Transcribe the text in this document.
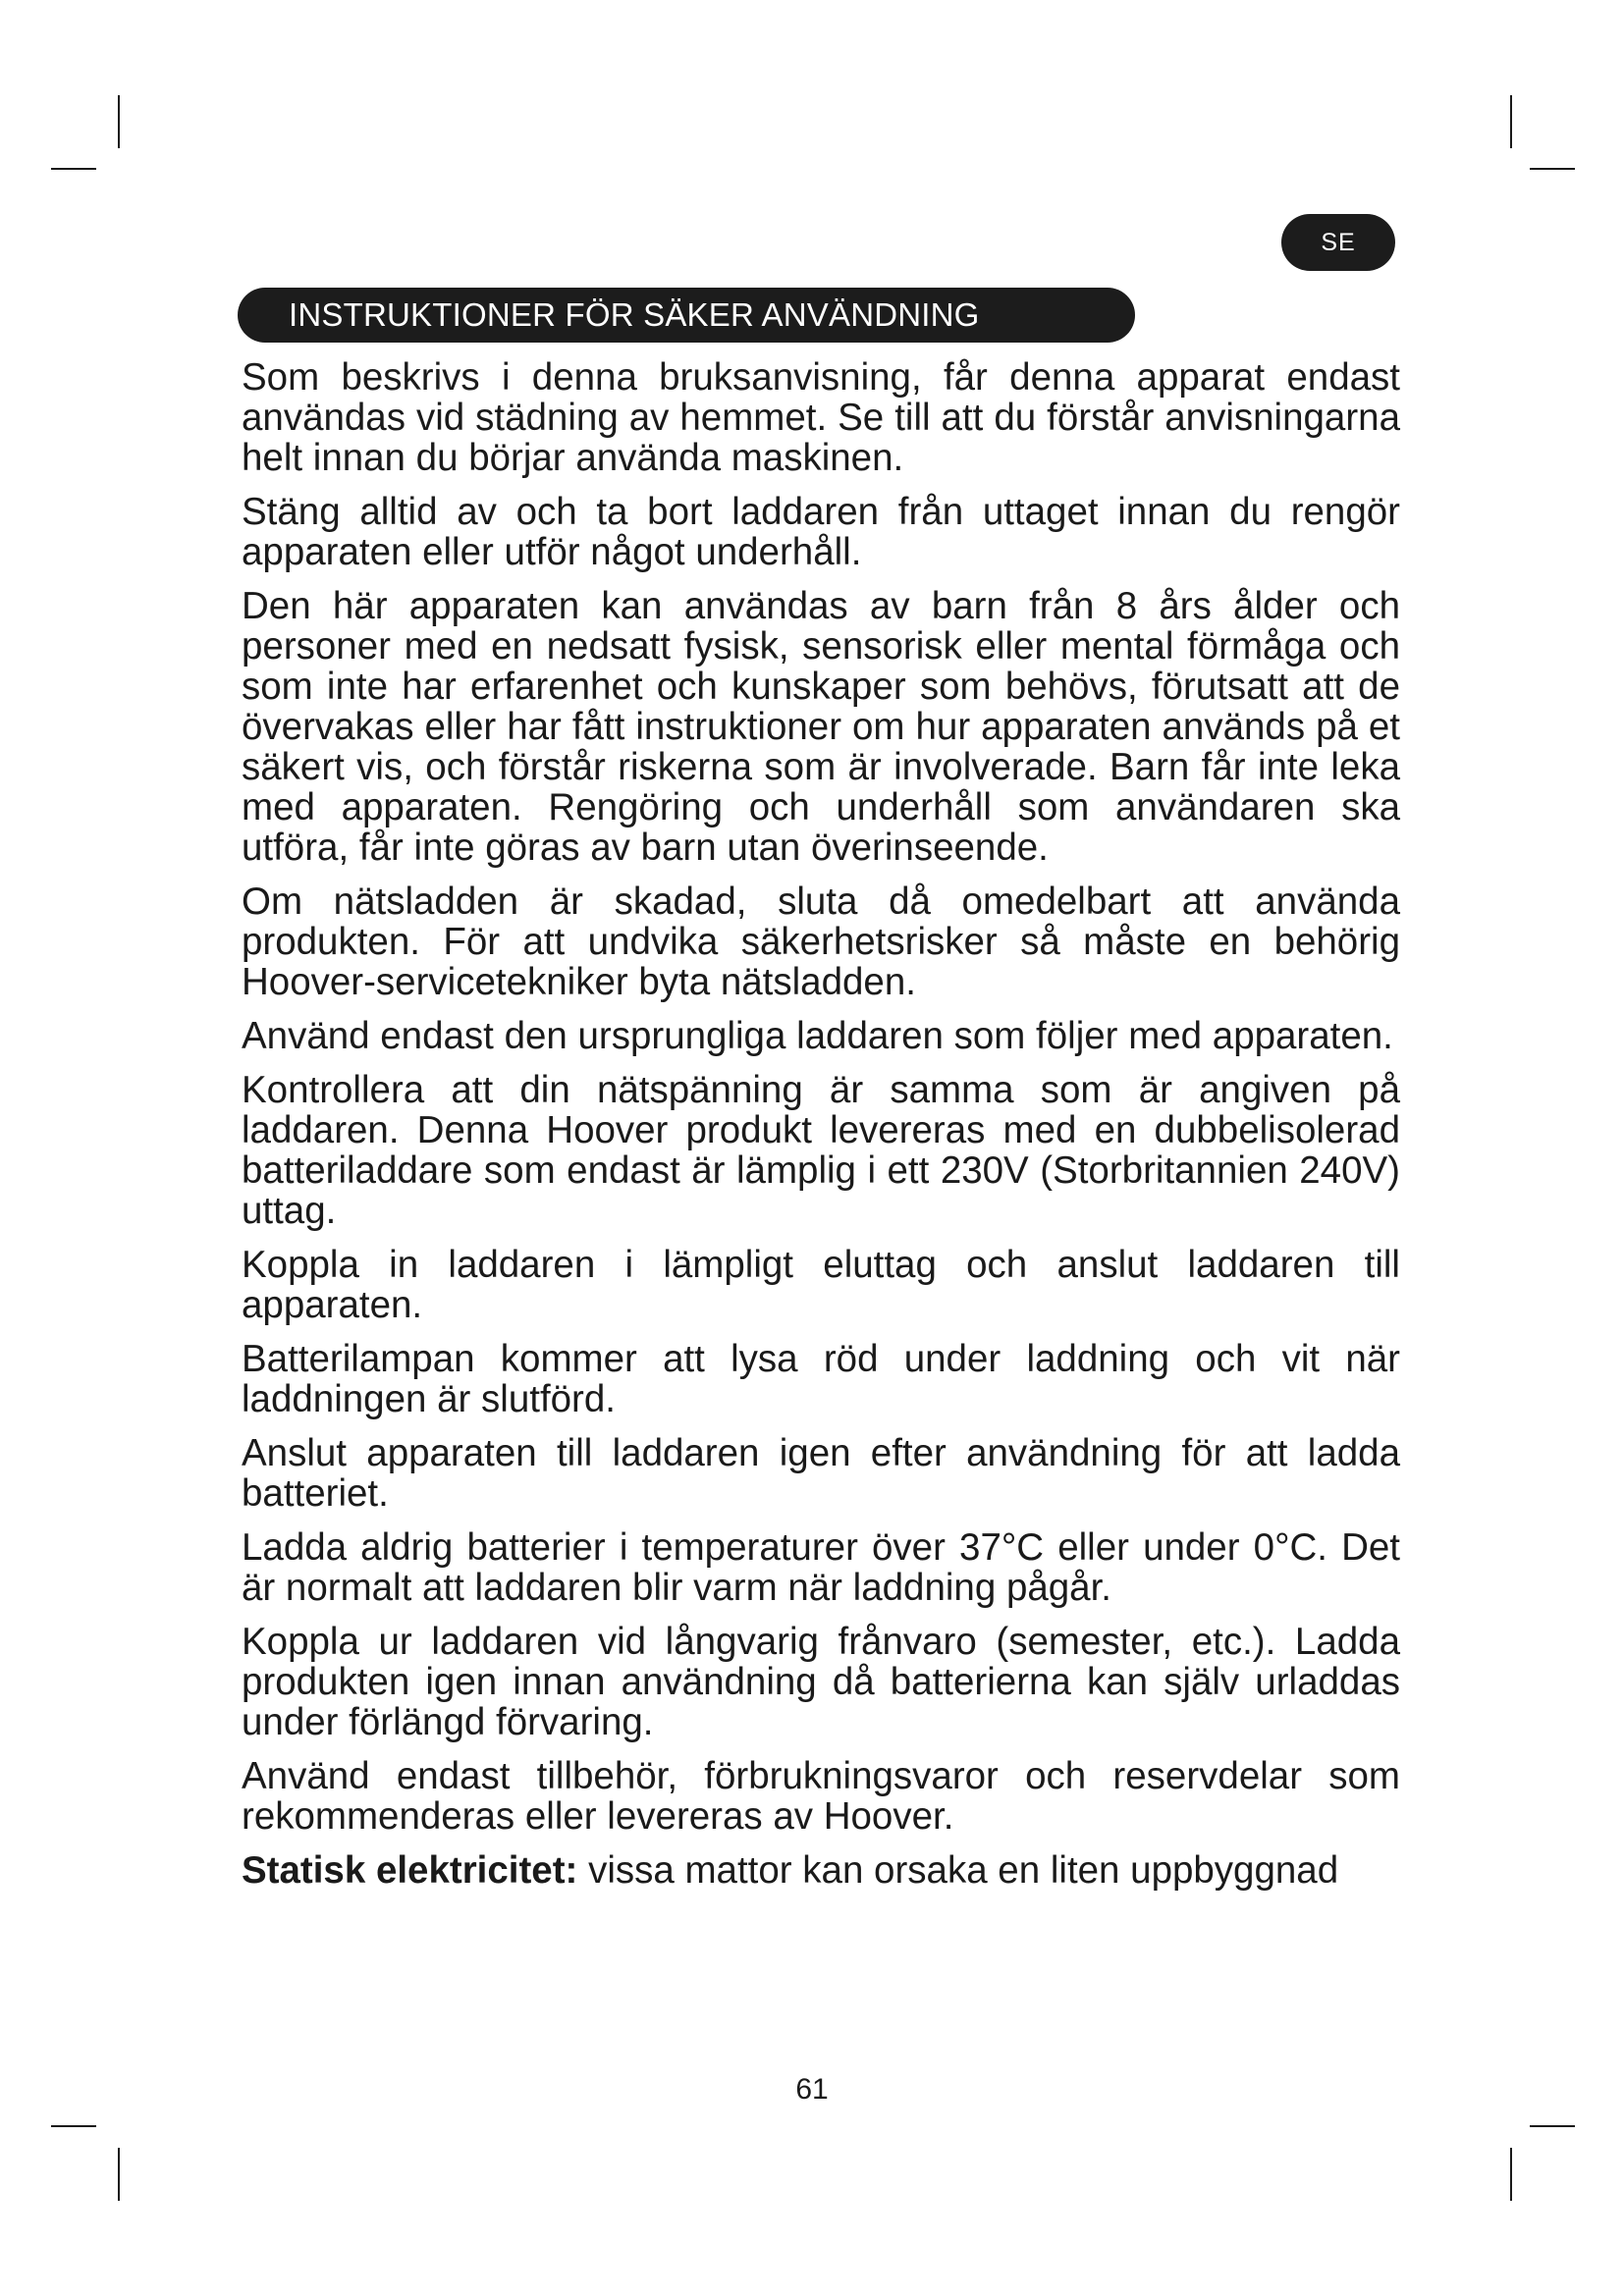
SE
INSTRUKTIONER FÖR SÄKER ANVÄNDNING

Som beskrivs i denna bruksanvisning, får denna apparat endast användas vid städning av hemmet. Se till att du förstår anvisningarna helt innan du börjar använda maskinen.

Stäng alltid av och ta bort laddaren från uttaget innan du rengör apparaten eller utför något underhåll.

Den här apparaten kan användas av barn från 8 års ålder och personer med en nedsatt fysisk, sensorisk eller mental förmåga och som inte har erfarenhet och kunskaper som behövs, förutsatt att de övervakas eller har fått instruktioner om hur apparaten används på et säkert vis, och förstår riskerna som är involverade. Barn får inte leka med apparaten. Rengöring och underhåll som användaren ska utföra, får inte göras av barn utan överinseende.

Om nätsladden är skadad, sluta då omedelbart att använda produkten. För att undvika säkerhetsrisker så måste en behörig Hoover-servicetekniker byta nätsladden.

Använd endast den ursprungliga laddaren som följer med apparaten.

Kontrollera att din nätspänning är samma som är angiven på laddaren. Denna Hoover produkt levereras med en dubbelisolerad batteriladdare som endast är lämplig i ett 230V (Storbritannien 240V) uttag.

Koppla in laddaren i lämpligt eluttag och anslut laddaren till apparaten.

Batterilampan kommer att lysa röd under laddning och vit när laddningen är slutförd.

Anslut apparaten till laddaren igen efter användning för att ladda batteriet.

Ladda aldrig batterier i temperaturer över 37°C eller under 0°C. Det är normalt att laddaren blir varm när laddning pågår.

Koppla ur laddaren vid långvarig frånvaro (semester, etc.). Ladda produkten igen innan användning då batterierna kan själv urladdas under förlängd förvaring.

Använd endast tillbehör, förbrukningsvaror och reservdelar som rekommenderas eller levereras av Hoover.

Statisk elektricitet: vissa mattor kan orsaka en liten uppbyggnad

61
